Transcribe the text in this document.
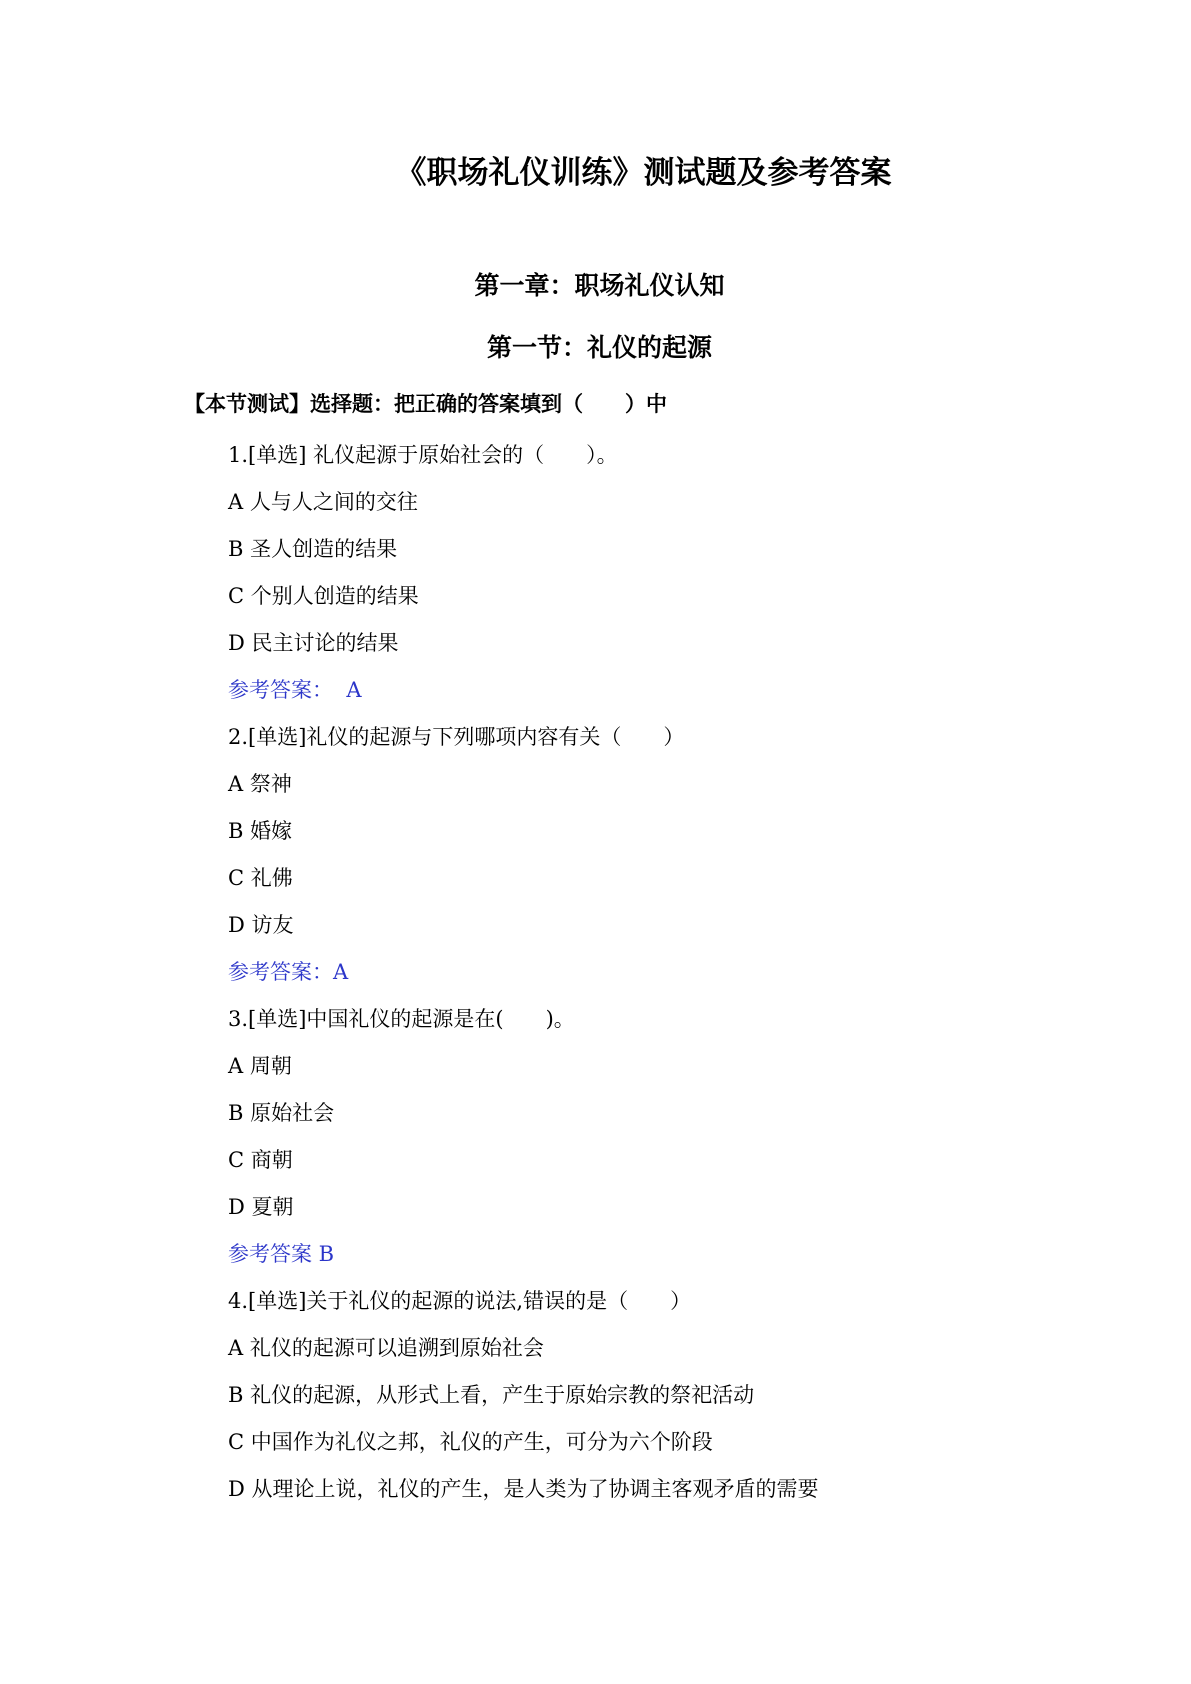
《职场礼仪训练》测试题及参考答案
第一章：职场礼仪认知
第一节：礼仪的起源

【本节测试】选择题：把正确的答案填到（　　）中

1.[单选] 礼仪起源于原始社会的（　　）。
A 人与人之间的交往
B 圣人创造的结果
C 个别人创造的结果
D 民主讨论的结果
参考答案：  A
2.[单选]礼仪的起源与下列哪项内容有关（　　）
A 祭神
B 婚嫁
C 礼佛
D 访友
参考答案：A
3.[单选]中国礼仪的起源是在(　　)。
A 周朝
B 原始社会
C 商朝
D 夏朝
参考答案 B
4.[单选]关于礼仪的起源的说法,错误的是（　　）
A 礼仪的起源可以追溯到原始社会
B 礼仪的起源，从形式上看，产生于原始宗教的祭祀活动
C 中国作为礼仪之邦，礼仪的产生，可分为六个阶段
D 从理论上说，礼仪的产生，是人类为了协调主客观矛盾的需要
